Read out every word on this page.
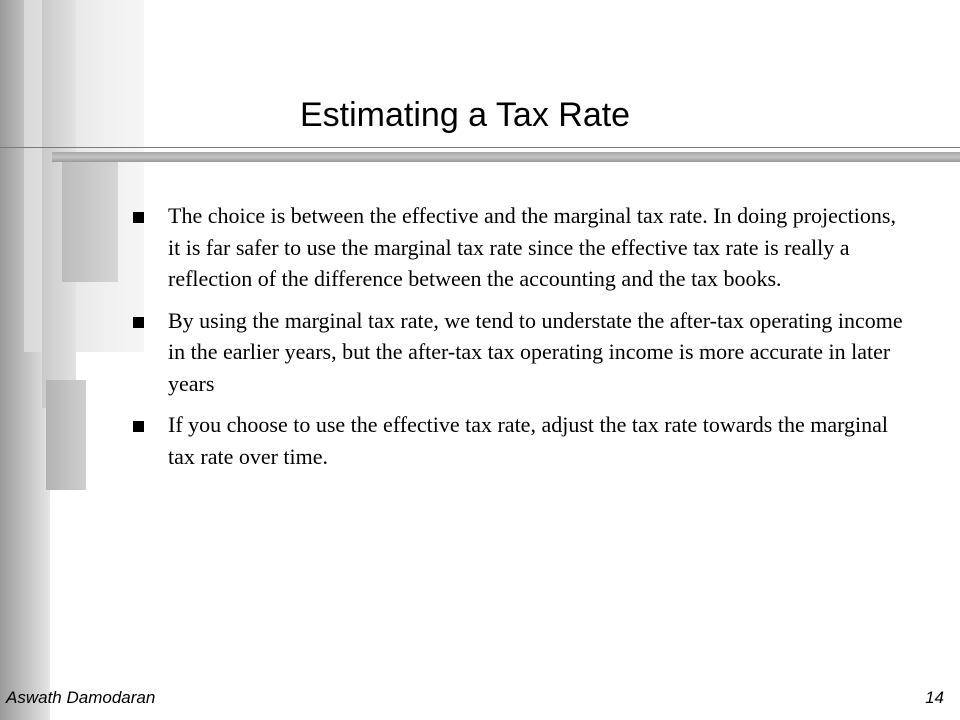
Estimating a Tax Rate
The choice is between the effective and the marginal tax rate. In doing projections, it is far safer to use the marginal tax rate since the effective tax rate is really a reflection of the difference between the accounting and the tax books.
By using the marginal tax rate, we tend to understate the after-tax operating income in the earlier years, but the after-tax tax operating income is more accurate in later years
If you choose to use the effective tax rate, adjust the tax rate towards the marginal tax rate over time.
Aswath Damodaran	14
